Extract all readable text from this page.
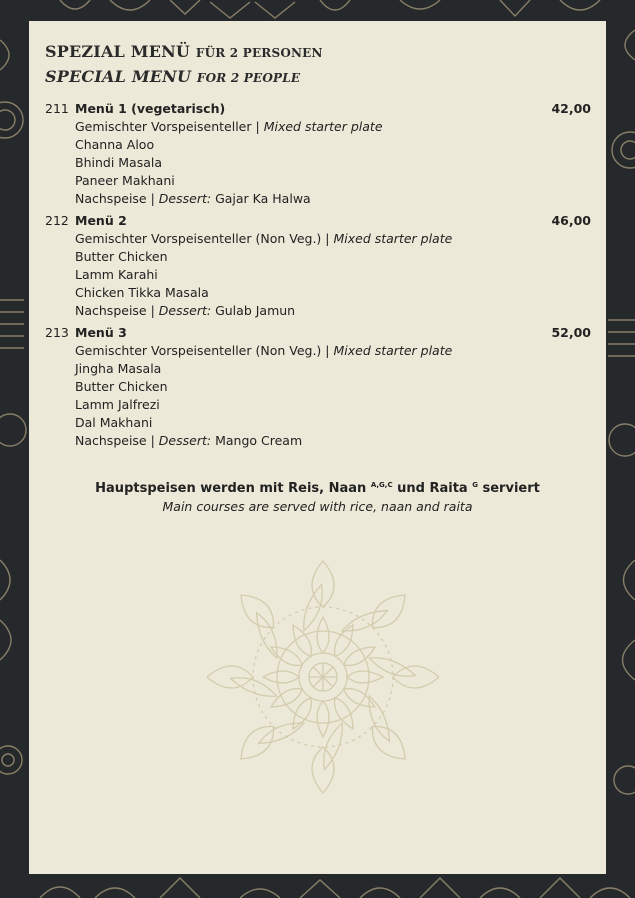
SPEZIAL MENÜ FÜR 2 PERSONEN
SPECIAL MENU FOR 2 PEOPLE
211 Menü 1 (vegetarisch)	42,00
Gemischter Vorspeisenteller | Mixed starter plate
Channa Aloo
Bhindi Masala
Paneer Makhani
Nachspeise | Dessert: Gajar Ka Halwa
212 Menü 2	46,00
Gemischter Vorspeisenteller (Non Veg.) | Mixed starter plate
Butter Chicken
Lamm Karahi
Chicken Tikka Masala
Nachspeise | Dessert: Gulab Jamun
213 Menü 3	52,00
Gemischter Vorspeisenteller (Non Veg.) | Mixed starter plate
Jingha Masala
Butter Chicken
Lamm Jalfrezi
Dal Makhani
Nachspeise | Dessert: Mango Cream
Hauptspeisen werden mit Reis, Naan $^{A,G,C}$ und Raita $^G$ serviert
Main courses are served with rice, naan and raita
